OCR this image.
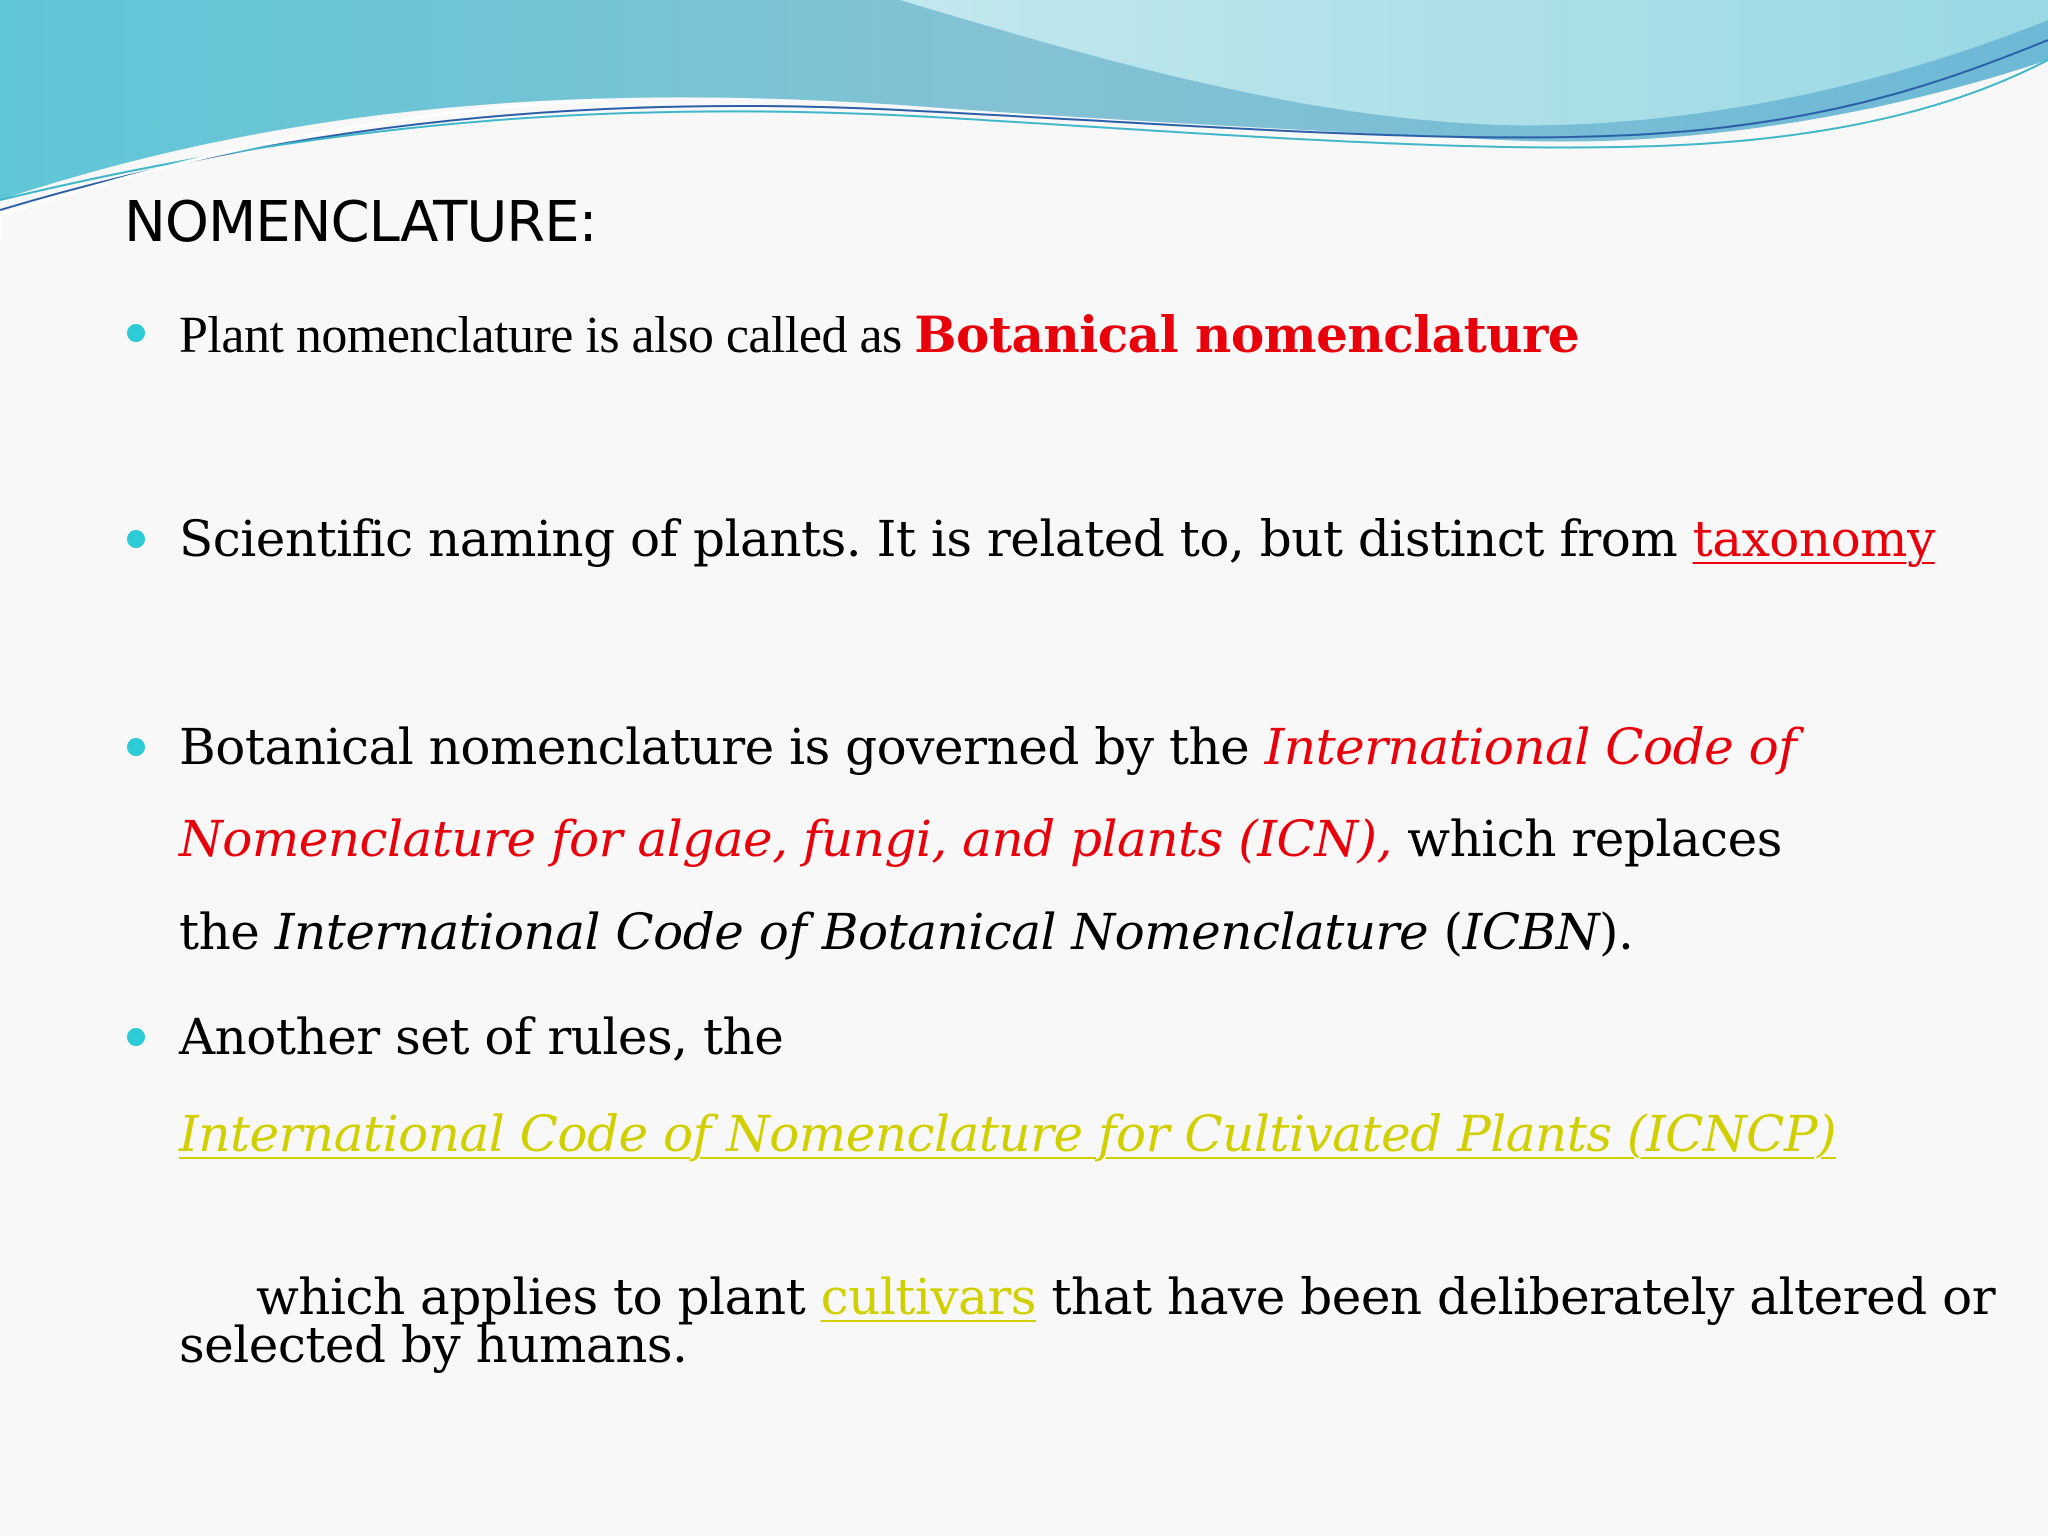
NOMENCLATURE:
Plant nomenclature is also called as Botanical nomenclature
Scientific naming of plants. It is related to, but distinct from taxonomy
Botanical nomenclature is governed by the International Code of
Nomenclature for algae, fungi, and plants (ICN), which replaces
the International Code of Botanical Nomenclature (ICBN).
Another set of rules, the
International Code of Nomenclature for Cultivated Plants (ICNCP)

which applies to plant cultivars that have been deliberately altered or

selected by humans.
